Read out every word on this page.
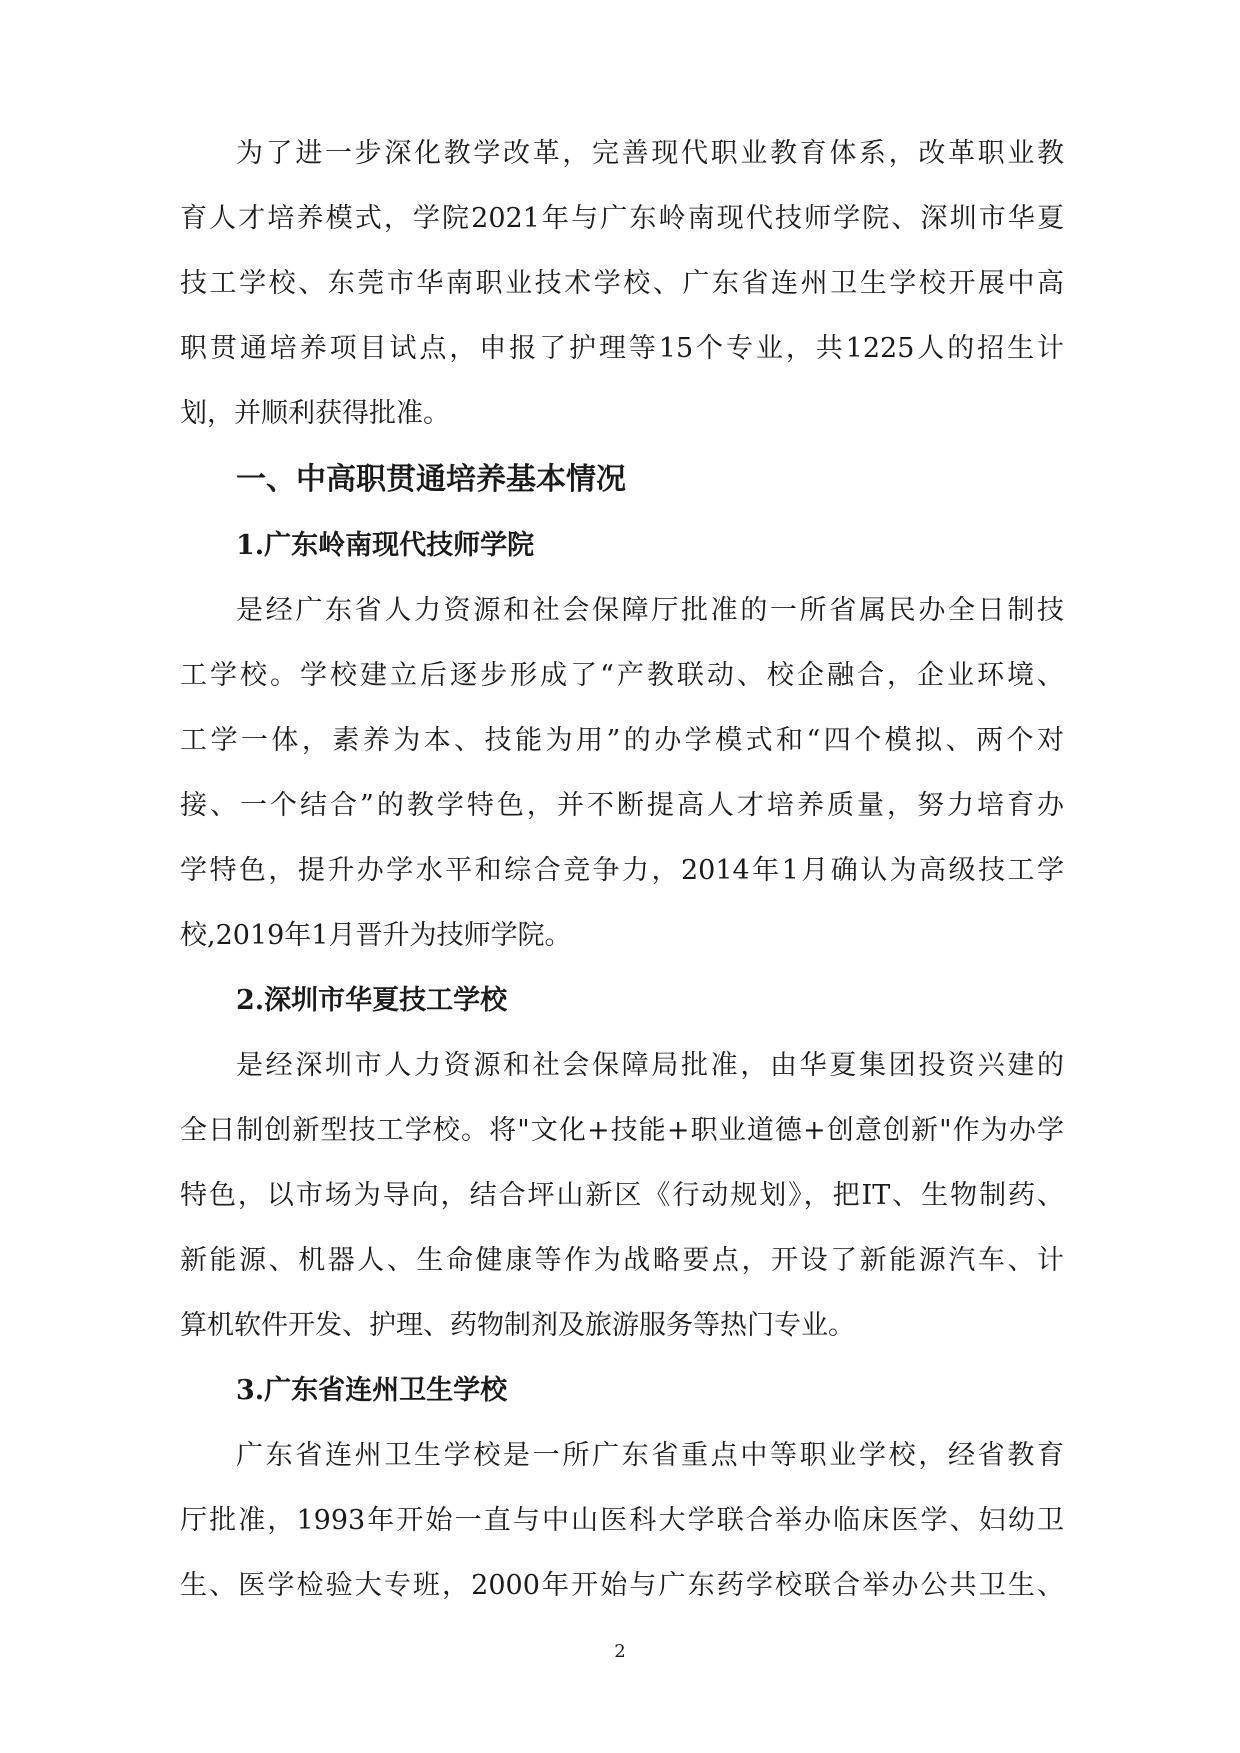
为了进一步深化教学改革，完善现代职业教育体系，改革职业教
育人才培养模式，学院2021年与广东岭南现代技师学院、深圳市华夏
技工学校、东莞市华南职业技术学校、广东省连州卫生学校开展中高
职贯通培养项目试点，申报了护理等15个专业，共1225人的招生计
划，并顺利获得批准。
一、中高职贯通培养基本情况
1.广东岭南现代技师学院
是经广东省人力资源和社会保障厅批准的一所省属民办全日制技
工学校。学校建立后逐步形成了“产教联动、校企融合，企业环境、
工学一体，素养为本、技能为用”的办学模式和“四个模拟、两个对
接、一个结合”的教学特色，并不断提高人才培养质量，努力培育办
学特色，提升办学水平和综合竞争力，2014年1月确认为高级技工学
校,2019年1月晋升为技师学院。
2.深圳市华夏技工学校
是经深圳市人力资源和社会保障局批准，由华夏集团投资兴建的
全日制创新型技工学校。将"文化+技能+职业道德+创意创新"作为办学
特色，以市场为导向，结合坪山新区《行动规划》，把IT、生物制药、
新能源、机器人、生命健康等作为战略要点，开设了新能源汽车、计
算机软件开发、护理、药物制剂及旅游服务等热门专业。
3.广东省连州卫生学校
广东省连州卫生学校是一所广东省重点中等职业学校，经省教育
厅批准，1993年开始一直与中山医科大学联合举办临床医学、妇幼卫
生、医学检验大专班，2000年开始与广东药学校联合举办公共卫生、
2
